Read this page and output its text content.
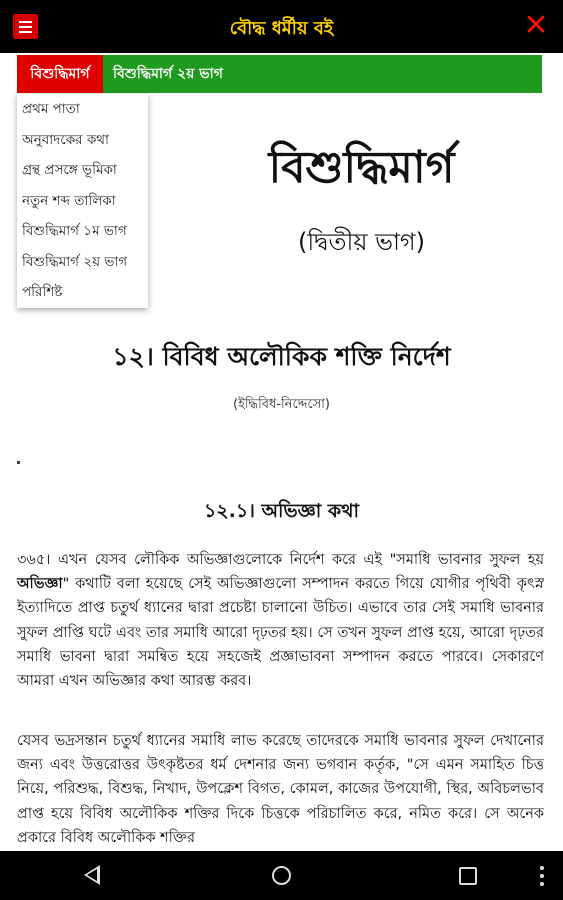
বৌদ্ধ ধর্মীয় বই	✕
বিশুদ্ধিমার্গ	বিশুদ্ধিমার্গ ২য় ভাগ
বিশুদ্ধিমার্গ
(দ্বিতীয় ভাগ)
প্রথম পাতা
অনুবাদকের কথা
গ্রন্থ প্রসঙ্গে ভূমিকা
নতুন শব্দ তালিকা
বিশুদ্ধিমার্গ ১ম ভাগ
বিশুদ্ধিমার্গ ২য় ভাগ
পরিশিষ্ট
১২। বিবিধ অলৌকিক শক্তি নির্দেশ
(ইদ্ধিবিধ-নিদ্দেসো)
১২.১। অভিজ্ঞা কথা
৩৬৫। এখন যেসব লৌকিক অভিজ্ঞাগুলোকে নির্দেশ করে এই "সমাধি ভাবনার সুফল হয় অভিজ্ঞা" কথাটি বলা হয়েছে সেই অভিজ্ঞাগুলো সম্পাদন করতে গিয়ে যোগীর পৃথিবী কৃৎস্ন ইত্যাদিতে প্রাপ্ত চতুর্থ ধ্যানের দ্বারা প্রচেষ্টা চালানো উচিত। এভাবে তার সেই সমাধি ভাবনার সুফল প্রাপ্তি ঘটে এবং তার সমাধি আরো দৃঢ়তর হয়। সে তখন সুফল প্রাপ্ত হয়ে, আরো দৃঢ়তর সমাধি ভাবনা দ্বারা সমন্বিত হয়ে সহজেই প্রজ্ঞাভাবনা সম্পাদন করতে পারবে। সেকারণে আমরা এখন অভিজ্ঞার কথা আরম্ভ করব।
যেসব ভদ্রসন্তান চতুর্থ ধ্যানের সমাধি লাভ করেছে তাদেরকে সমাধি ভাবনার সুফল দেখানোর জন্য এবং উত্তরোত্তর উৎকৃষ্টতর ধর্ম দেশনার জন্য ভগবান কর্তৃক, "সে এমন সমাহিত চিত্ত নিয়ে, পরিশুদ্ধ, বিশুদ্ধ, নিখাদ, উপক্লেশ বিগত, কোমল, কাজের উপযোগী, স্থির, অবিচলভাব প্রাপ্ত হয়ে বিবিধ অলৌকিক শক্তির দিকে চিত্তকে পরিচালিত করে, নমিত করে। সে অনেক প্রকারে বিবিধ অলৌকিক শক্তির
